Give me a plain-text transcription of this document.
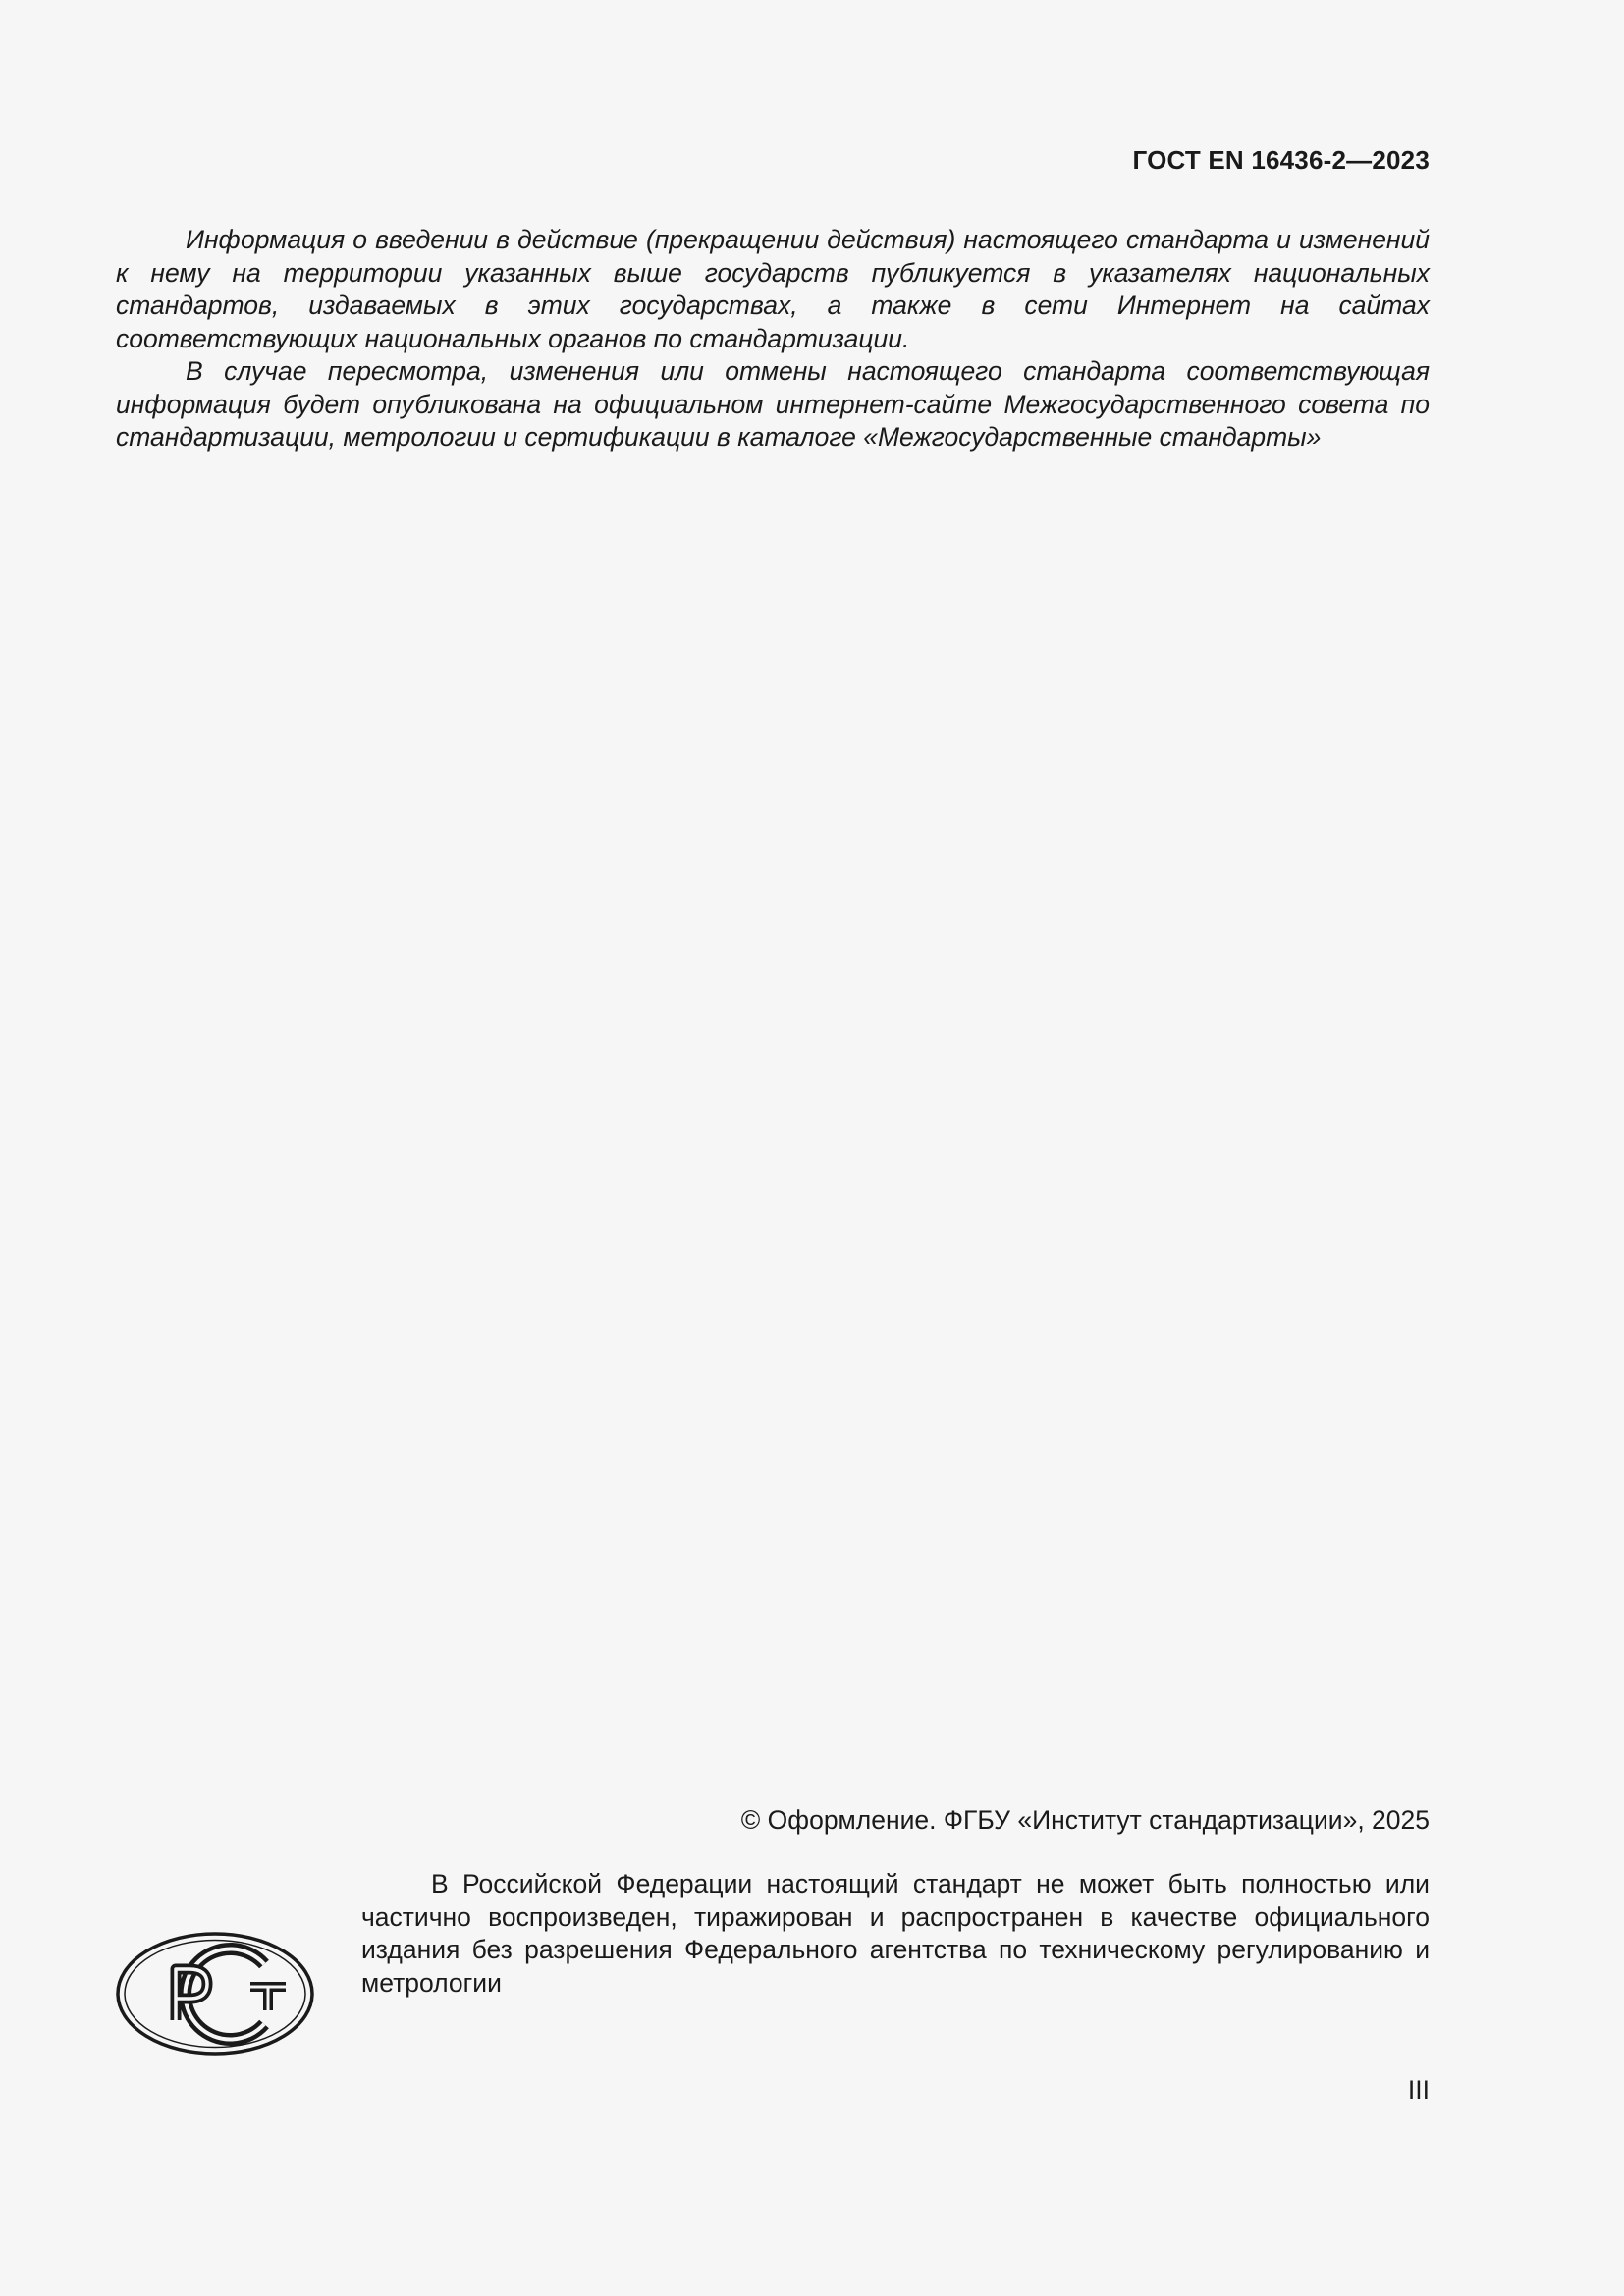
ГОСТ EN 16436-2—2023

Информация о введении в действие (прекращении действия) настоящего стандарта и изменений к нему на территории указанных выше государств публикуется в указателях национальных стандартов, издаваемых в этих государствах, а также в сети Интернет на сайтах соответствующих национальных органов по стандартизации.

В случае пересмотра, изменения или отмены настоящего стандарта соответствующая информация будет опубликована на официальном интернет-сайте Межгосударственного совета по стандартизации, метрологии и сертификации в каталоге «Межгосударственные стандарты»

© Оформление. ФГБУ «Институт стандартизации», 2025

В Российской Федерации настоящий стандарт не может быть полностью или частично воспроизведен, тиражирован и распространен в качестве официального издания без разрешения Федерального агентства по техническому регулированию и метрологии

III
